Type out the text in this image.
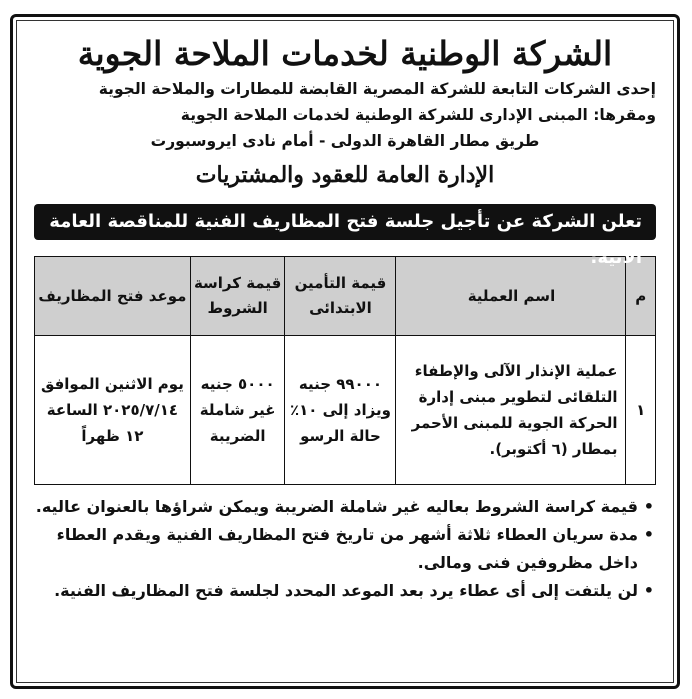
الشركة الوطنية لخدمات الملاحة الجوية
إحدى الشركات التابعة للشركة المصرية القابضة للمطارات والملاحة الجوية
ومقرها: المبنى الإدارى للشركة الوطنية لخدمات الملاحة الجوية
طريق مطار القاهرة الدولى - أمام نادى ايروسبورت
الإدارة العامة للعقود والمشتريات
تعلن الشركة عن تأجيل جلسة فتح المظاريف الفنية للمناقصة العامة الآتية:
م	اسم العملية	قيمة التأمين الابتدائى	قيمة كراسة الشروط	موعد فتح المظاريف
١	عملية الإنذار الآلى والإطفاء التلقائى لتطوير مبنى إدارة الحركة الجوية للمبنى الأحمر بمطار (٦ أكتوبر).	٩٩٠٠٠ جنيه ويزاد إلى ١٠٪ حالة الرسو	٥٠٠٠ جنيه غير شاملة الضريبة	يوم الاثنين الموافق ٢٠٢٥/٧/١٤ الساعة ١٢ ظهراً
•
قيمة كراسة الشروط بعاليه غير شاملة الضريبة ويمكن شراؤها بالعنوان عاليه.
•
مدة سريان العطاء ثلاثة أشهر من تاريخ فتح المظاريف الفنية ويقدم العطاء داخل مظروفين فنى ومالى.
•
لن يلتفت إلى أى عطاء يرد بعد الموعد المحدد لجلسة فتح المظاريف الفنية.
